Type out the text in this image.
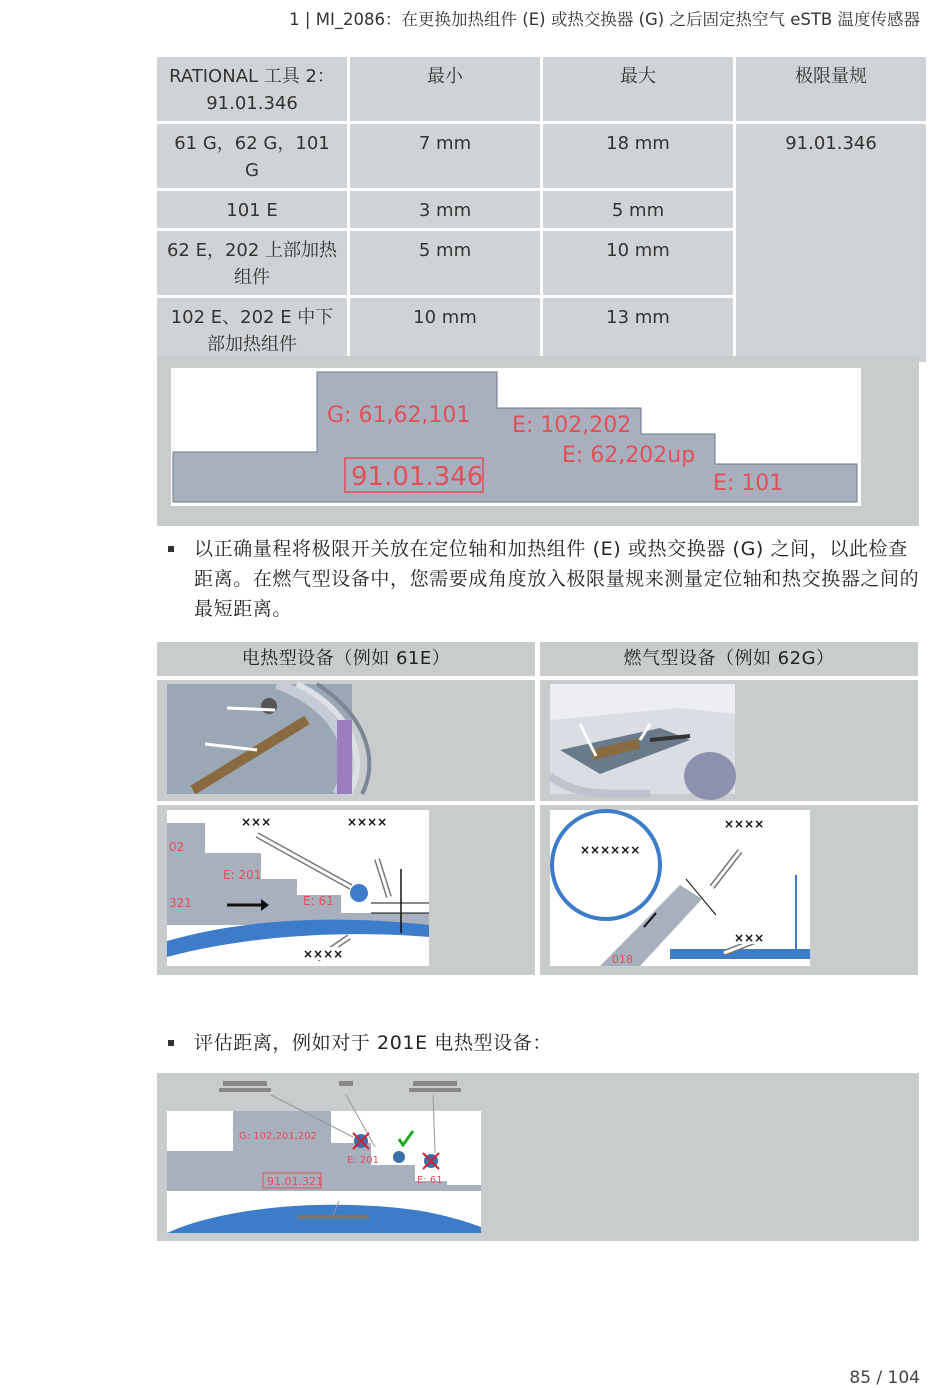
1 | MI_2086：在更换加热组件 (E) 或热交换器 (G) 之后固定热空气 eSTB 温度传感器
RATIONAL 工具 2：91.01.346	最小	最大	极限量规
61 G，62 G，101 G	7 mm	18 mm	91.01.346
101 E	3 mm	5 mm	
62 E，202 上部加热组件	5 mm	10 mm	
102 E、202 E 中下部加热组件	10 mm	13 mm	
G: 61,62,101 E: 102,202
E: 62,202up
E: 101
91.01.346
以正确量程将极限开关放在定位轴和加热组件 (E) 或热交换器 (G) 之间，以此检查距离。在燃气型设备中，您需要成角度放入极限量规来测量定位轴和热交换器之间的最短距离。
电热型设备（例如 61E）	燃气型设备（例如 62G）
×××	××××
××××
02
E: 201
E: 61
321
××××
××××××
×××
018
评估距离，例如对于 201E 电热型设备：
G: 102,201,202
E: 201
E: 61
91.01.321
85 / 104
